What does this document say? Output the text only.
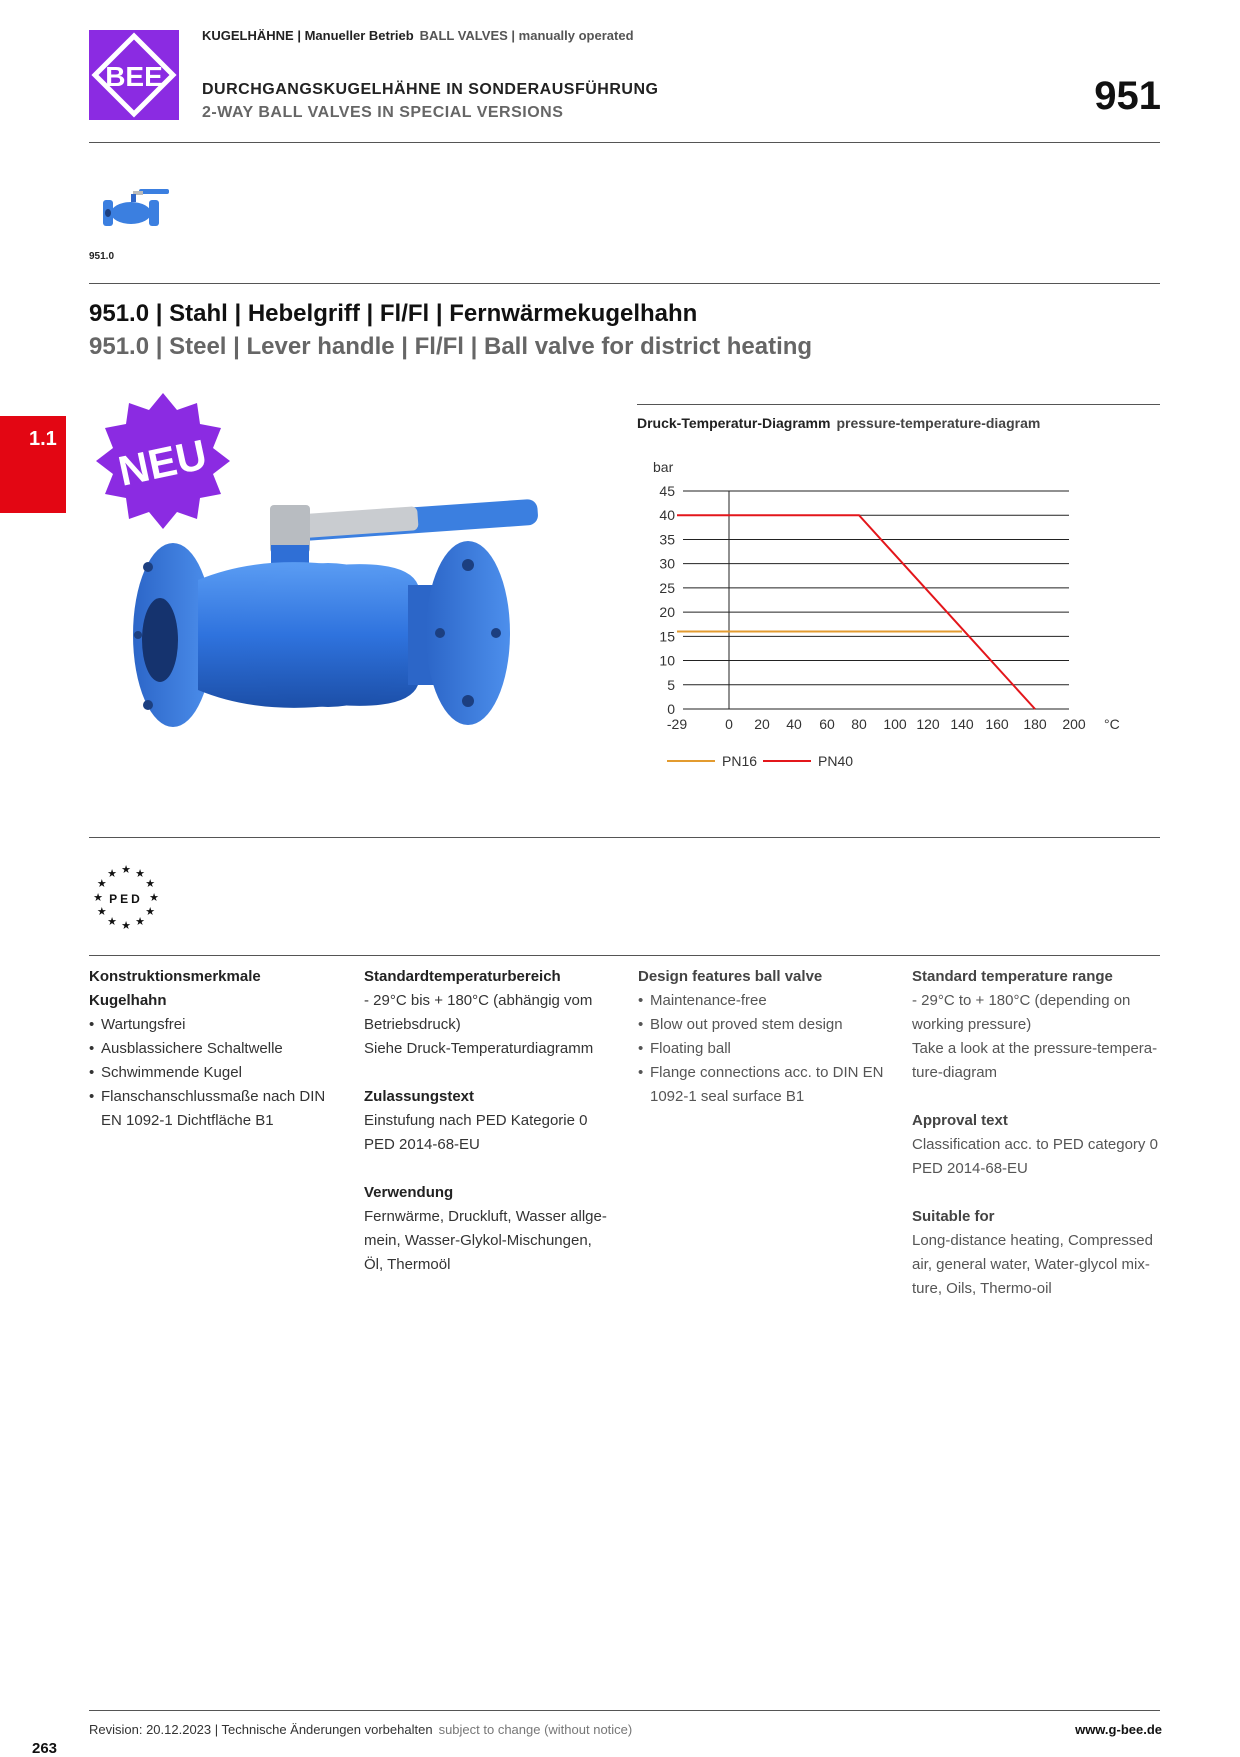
BEE
KUGELHÄHNE | Manueller Betrieb BALL VALVES | manually operated
DURCHGANGSKUGELHÄHNE IN SONDERAUSFÜHRUNG
2-WAY BALL VALVES IN SPECIAL VERSIONS	951
951.0
951.0 | Stahl | Hebelgriff | Fl/Fl | Fernwärmekugelhahn
951.0 | Steel | Lever handle | Fl/Fl | Ball valve for district heating
1.1 NEU
Druck-Temperatur-Diagramm pressure-temperature-diagram
bar
0
5
10
15
20
25
30
35
40
45
-29	0 20 40 60 80 100 120 140 160 180 200 °C
PN16	PN40
PED
★ ★
★
★
★
★
★
★
★
★
★
★
Konstruktionsmerkmale Kugelhahn
• Wartungsfrei
• Ausblassichere Schaltwelle
• Schwimmende Kugel
• Flanschanschlussmaße nach DIN EN 1092-1 Dichtfläche B1
Standardtemperaturbereich

- 29°C bis + 180°C (abhängig vom Betriebsdruck)

Siehe Druck-Temperaturdiagramm

Zulassungstext

Einstufung nach PED Kategorie 0 PED 2014-68-EU

Verwendung

Fernwärme, Druckluft, Wasser allge-mein, Wasser-Glykol-Mischungen, Öl, Thermoöl

Design features ball valve
• Maintenance-free
• Blow out proved stem design
• Floating ball
• Flange connections acc. to DIN EN 1092-1 seal surface B1
Standard temperature range

- 29°C to + 180°C (depending on working pressure)

Take a look at the pressure-tempera-ture-diagram

Approval text

Classification acc. to PED category 0 PED 2014-68-EU

Suitable for

Long-distance heating, Compressed air, general water, Water-glycol mix-ture, Oils, Thermo-oil

263
Revision: 20.12.2023 | Technische Änderungen vorbehalten subject to change (without notice)	www.g-bee.de
